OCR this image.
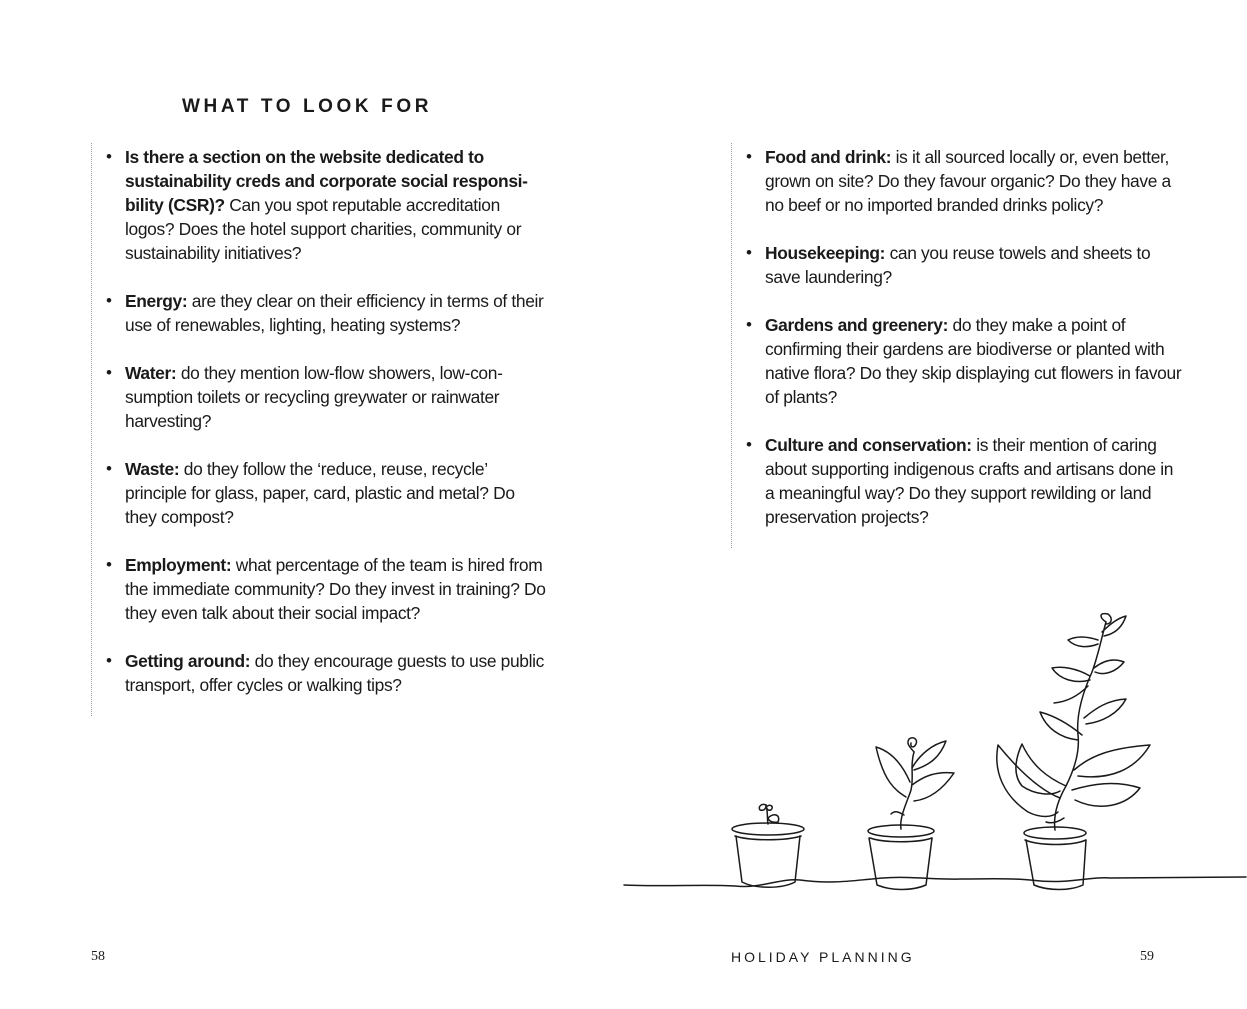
WHAT TO LOOK FOR
• Is there a section on the website dedicated to sustainability creds and corporate social responsi-bility (CSR)? Can you spot reputable accreditation logos? Does the hotel support charities, community or sustainability initiatives?
• Energy: are they clear on their efficiency in terms of their use of renewables, lighting, heating systems?
• Water: do they mention low-flow showers, low-con-sumption toilets or recycling greywater or rainwater harvesting?
• Waste: do they follow the ‘reduce, reuse, recycle’ principle for glass, paper, card, plastic and metal? Do they compost?
• Employment: what percentage of the team is hired from the immediate community? Do they invest in training? Do they even talk about their social impact?
• Getting around: do they encourage guests to use public transport, offer cycles or walking tips?
• Food and drink: is it all sourced locally or, even better, grown on site? Do they favour organic? Do they have a no beef or no imported branded drinks policy?
• Housekeeping: can you reuse towels and sheets to save laundering?
• Gardens and greenery: do they make a point of confirming their gardens are biodiverse or planted with native flora? Do they skip displaying cut flowers in favour of plants?
• Culture and conservation: is their mention of caring about supporting indigenous crafts and artisans done in a meaningful way? Do they support rewilding or land preservation projects?

58	HOLIDAY PLANNING	59
